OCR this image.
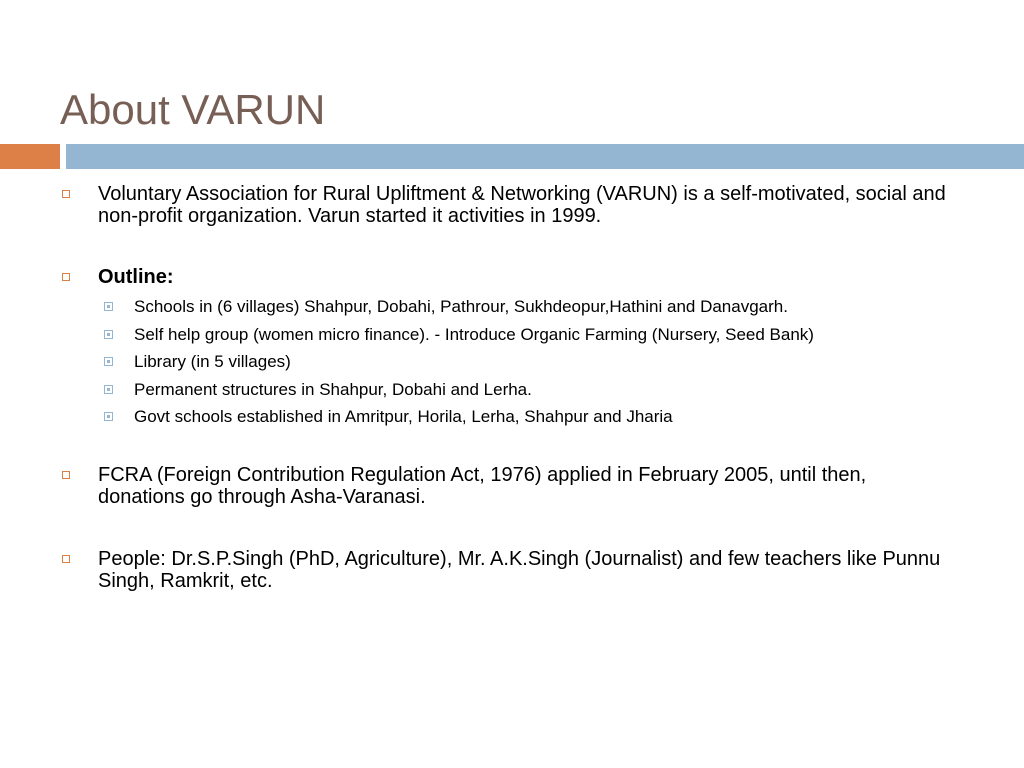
About VARUN
Voluntary Association for Rural Upliftment & Networking (VARUN) is a self-motivated, social and non-profit organization. Varun started it activities in 1999.
Outline:
Schools in (6 villages) Shahpur, Dobahi, Pathrour, Sukhdeopur,Hathini and Danavgarh.
Self help group (women micro finance). - Introduce Organic Farming (Nursery, Seed Bank)
Library (in 5 villages)
Permanent structures in Shahpur, Dobahi and Lerha.
Govt schools established in Amritpur, Horila, Lerha, Shahpur and Jharia
FCRA (Foreign Contribution Regulation Act, 1976) applied in February 2005, until then, donations go through Asha-Varanasi.
People: Dr.S.P.Singh (PhD, Agriculture), Mr. A.K.Singh (Journalist) and few teachers like Punnu Singh, Ramkrit, etc.
